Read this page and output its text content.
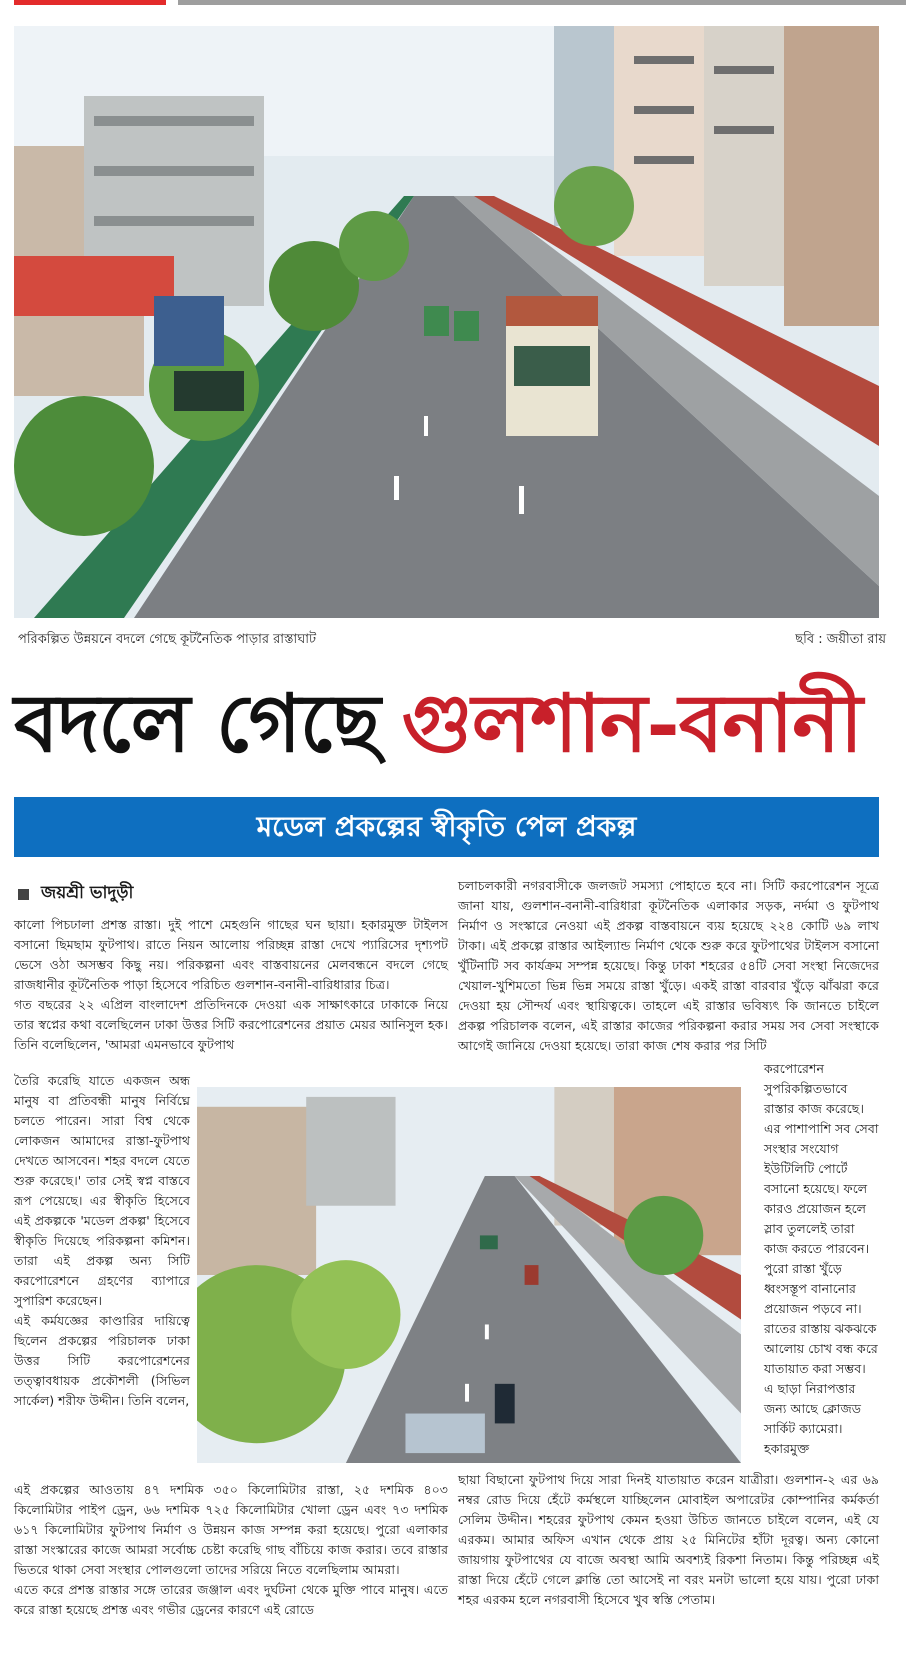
পরিকল্পিত উন্নয়নে বদলে গেছে কূটনৈতিক পাড়ার রাস্তাঘাট	ছবি : জয়ীতা রায়
বদলে গেছে গুলশান-বনানী
মডেল প্রকল্পের স্বীকৃতি পেল প্রকল্প
জয়শ্রী ভাদুড়ী
কালো পিচঢালা প্রশস্ত রাস্তা। দুই পাশে মেহগুনি গাছের ঘন ছায়া। হকারমুক্ত টাইলস বসানো ছিমছাম ফুটপাথ। রাতে নিয়ন আলোয় পরিচ্ছন্ন রাস্তা দেখে প্যারিসের দৃশ্যপট ভেসে ওঠা অসম্ভব কিছু নয়। পরিকল্পনা এবং বাস্তবায়নের মেলবন্ধনে বদলে গেছে রাজধানীর কূটনৈতিক পাড়া হিসেবে পরিচিত গুলশান-বনানী-বারিধারার চিত্র।
গত বছরের ২২ এপ্রিল বাংলাদেশ প্রতিদিনকে দেওয়া এক সাক্ষাৎকারে ঢাকাকে নিয়ে তার স্বপ্নের কথা বলেছিলেন ঢাকা উত্তর সিটি করপোরেশনের প্রয়াত মেয়র আনিসুল হক। তিনি বলেছিলেন, 'আমরা এমনভাবে ফুটপাথ
তৈরি করেছি যাতে একজন অন্ধ মানুষ বা প্রতিবন্ধী মানুষ নির্বিঘ্নে চলতে পারেন। সারা বিশ্ব থেকে লোকজন আমাদের রাস্তা-ফুটপাথ দেখতে আসবেন। শহর বদলে যেতে শুরু করেছে।' তার সেই স্বপ্ন বাস্তবে রূপ পেয়েছে। এর স্বীকৃতি হিসেবে এই প্রকল্পকে 'মডেল প্রকল্প' হিসেবে স্বীকৃতি দিয়েছে পরিকল্পনা কমিশন। তারা এই প্রকল্প অন্য সিটি করপোরেশনে গ্রহণের ব্যাপারে সুপারিশ করেছেন।
এই কর্মযজ্ঞের কাণ্ডারির দায়িত্বে ছিলেন প্রকল্পের পরিচালক ঢাকা উত্তর সিটি করপোরেশনের তত্ত্বাবধায়ক প্রকৌশলী (সিভিল সার্কেল) শরীফ উদ্দীন। তিনি বলেন,
চলাচলকারী নগরবাসীকে জলজট সমস্যা পোহাতে হবে না। সিটি করপোরেশন সূত্রে জানা যায়, গুলশান-বনানী-বারিধারা কূটনৈতিক এলাকার সড়ক, নর্দমা ও ফুটপাথ নির্মাণ ও সংস্কারে নেওয়া এই প্রকল্প বাস্তবায়নে ব্যয় হয়েছে ২২৪ কোটি ৬৯ লাখ টাকা। এই প্রকল্পে রাস্তার আইল্যান্ড নির্মাণ থেকে শুরু করে ফুটপাথের টাইলস বসানো খুঁটিনাটি সব কার্যক্রম সম্পন্ন হয়েছে। কিন্তু ঢাকা শহরের ৫৪টি সেবা সংস্থা নিজেদের খেয়াল-খুশিমতো ভিন্ন ভিন্ন সময়ে রাস্তা খুঁড়ে। একই রাস্তা বারবার খুঁড়ে ঝাঁঝরা করে দেওয়া হয় সৌন্দর্য এবং স্থায়িত্বকে। তাহলে এই রাস্তার ভবিষ্যৎ কি জানতে চাইলে প্রকল্প পরিচালক বলেন, এই রাস্তার কাজের পরিকল্পনা করার সময় সব সেবা সংস্থাকে আগেই জানিয়ে দেওয়া হয়েছে। তারা কাজ শেষ করার পর সিটি
করপোরেশন সুপরিকল্পিতভাবে রাস্তার কাজ করেছে। এর পাশাপাশি সব সেবা সংস্থার সংযোগ ইউটিলিটি পোর্টে বসানো হয়েছে। ফলে কারও প্রয়োজন হলে স্লাব তুললেই তারা কাজ করতে পারবেন। পুরো রাস্তা খুঁড়ে ধ্বংসস্তূপ বানানোর প্রয়োজন পড়বে না। রাতের রাস্তায় ঝকঝকে আলোয় চোখ বন্ধ করে যাতায়াত করা সম্ভব। এ ছাড়া নিরাপত্তার জন্য আছে ক্লোজড সার্কিট ক্যামেরা। হকারমুক্ত
এই প্রকল্পের আওতায় ৪৭ দশমিক ৩৫০ কিলোমিটার রাস্তা, ২৫ দশমিক ৪০৩ কিলোমিটার পাইপ ড্রেন, ৬৬ দশমিক ৭২৫ কিলোমিটার খোলা ড্রেন এবং ৭৩ দশমিক ৬১৭ কিলোমিটার ফুটপাথ নির্মাণ ও উন্নয়ন কাজ সম্পন্ন করা হয়েছে। পুরো এলাকার রাস্তা সংস্কারের কাজে আমরা সর্বোচ্চ চেষ্টা করেছি গাছ বাঁচিয়ে কাজ করার। তবে রাস্তার ভিতরে থাকা সেবা সংস্থার পোলগুলো তাদের সরিয়ে নিতে বলেছিলাম আমরা।
এতে করে প্রশস্ত রাস্তার সঙ্গে তারের জঞ্জাল এবং দুর্ঘটনা থেকে মুক্তি পাবে মানুষ। এতে করে রাস্তা হয়েছে প্রশস্ত এবং গভীর ড্রেনের কারণে এই রোডে
ছায়া বিছানো ফুটপাথ দিয়ে সারা দিনই যাতায়াত করেন যাত্রীরা। গুলশান-২ এর ৬৯ নম্বর রোড দিয়ে হেঁটে কর্মস্থলে যাচ্ছিলেন মোবাইল অপারেটর কোম্পানির কর্মকর্তা সেলিম উদ্দীন। শহরের ফুটপাথ কেমন হওয়া উচিত জানতে চাইলে বলেন, এই যে এরকম। আমার অফিস এখান থেকে প্রায় ২৫ মিনিটের হাঁটা দূরত্ব। অন্য কোনো জায়গায় ফুটপাথের যে বাজে অবস্থা আমি অবশ্যই রিকশা নিতাম। কিন্তু পরিচ্ছন্ন এই রাস্তা দিয়ে হেঁটে গেলে ক্লান্তি তো আসেই না বরং মনটা ভালো হয়ে যায়। পুরো ঢাকা শহর এরকম হলে নগরবাসী হিসেবে খুব স্বস্তি পেতাম।
